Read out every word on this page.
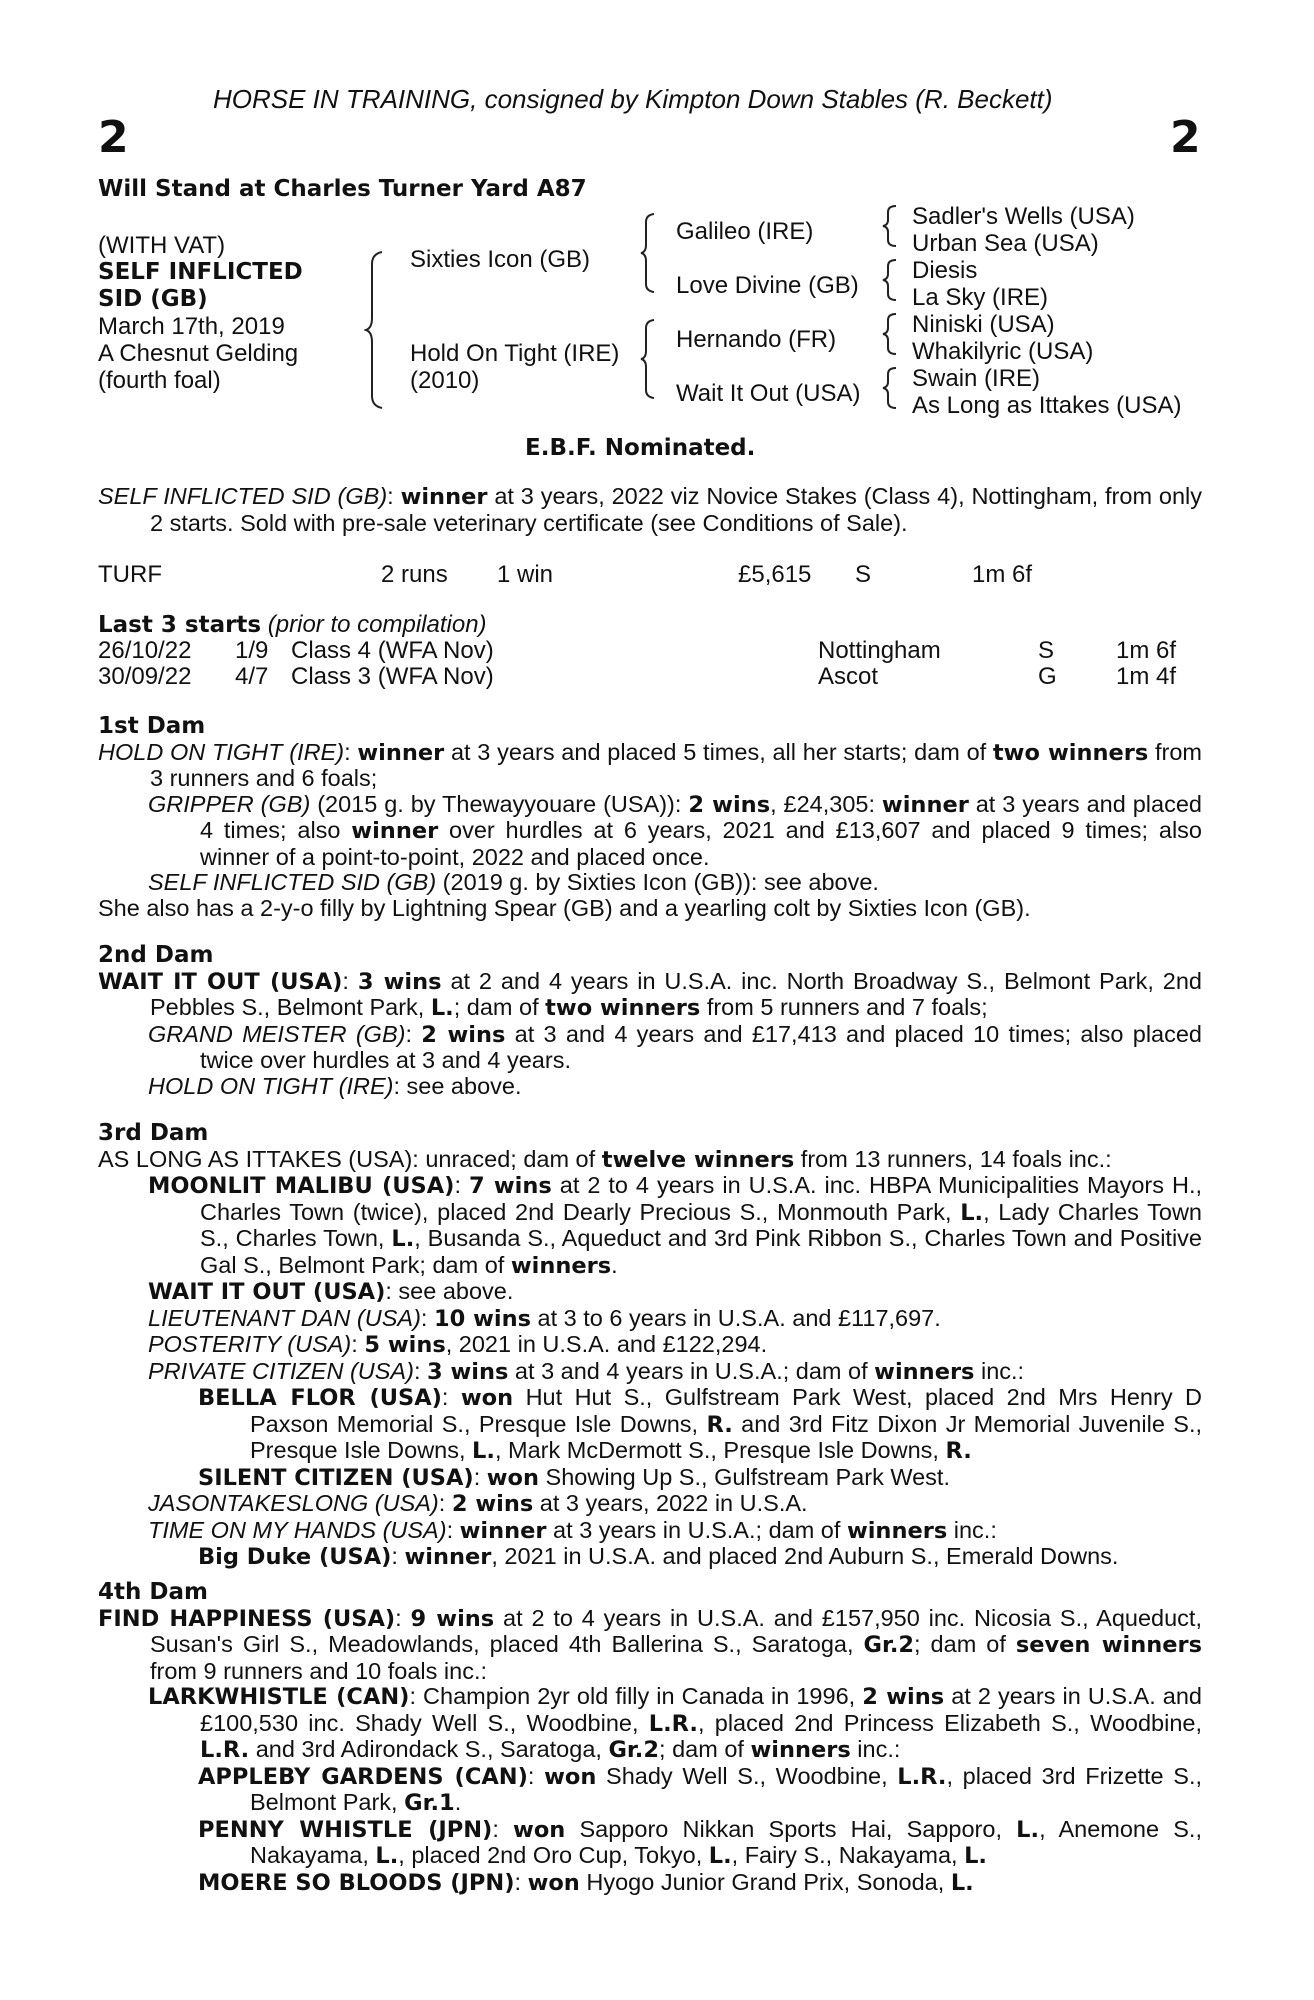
HORSE IN TRAINING, consigned by Kimpton Down Stables (R. Beckett)
2	2
Will Stand at Charles Turner Yard A87
(WITH VAT)
SELF INFLICTED
SID (GB)
March 17th, 2019
A Chesnut Gelding
(fourth foal)
Sixties Icon (GB)
Hold On Tight (IRE)
(2010)
Galileo (IRE)
Love Divine (GB)
Hernando (FR)
Wait It Out (USA)
Sadler's Wells (USA)
Urban Sea (USA)
Diesis
La Sky (IRE)
Niniski (USA)
Whakilyric (USA)
Swain (IRE)
As Long as Ittakes (USA)
E.B.F. Nominated.

SELF INFLICTED SID (GB): winner at 3 years, 2022 viz Novice Stakes (Class 4), Nottingham, from only 2 starts. Sold with pre-sale veterinary certificate (see Conditions of Sale).

TURF	2 runs 1 win	£5,615 S	1m 6f
Last 3 starts (prior to compilation)
26/10/22 1/9 Class 4 (WFA Nov)	Nottingham	S	1m 6f
30/09/22 4/7 Class 3 (WFA Nov)	Ascot	G 1m 4f

1st Dam

HOLD ON TIGHT (IRE): winner at 3 years and placed 5 times, all her starts; dam of two winners from 3 runners and 6 foals;

GRIPPER (GB) (2015 g. by Thewayyouare (USA)): 2 wins, £24,305: winner at 3 years and placed 4 times; also winner over hurdles at 6 years, 2021 and £13,607 and placed 9 times; also winner of a point-to-point, 2022 and placed once.

SELF INFLICTED SID (GB) (2019 g. by Sixties Icon (GB)): see above.

She also has a 2-y-o filly by Lightning Spear (GB) and a yearling colt by Sixties Icon (GB).

2nd Dam

WAIT IT OUT (USA): 3 wins at 2 and 4 years in U.S.A. inc. North Broadway S., Belmont Park, 2nd Pebbles S., Belmont Park, L.; dam of two winners from 5 runners and 7 foals;

GRAND MEISTER (GB): 2 wins at 3 and 4 years and £17,413 and placed 10 times; also placed twice over hurdles at 3 and 4 years.

HOLD ON TIGHT (IRE): see above.

3rd Dam

AS LONG AS ITTAKES (USA): unraced; dam of twelve winners from 13 runners, 14 foals inc.:

MOONLIT MALIBU (USA): 7 wins at 2 to 4 years in U.S.A. inc. HBPA Municipalities Mayors H., Charles Town (twice), placed 2nd Dearly Precious S., Monmouth Park, L., Lady Charles Town S., Charles Town, L., Busanda S., Aqueduct and 3rd Pink Ribbon S., Charles Town and Positive Gal S., Belmont Park; dam of winners.

WAIT IT OUT (USA): see above.

LIEUTENANT DAN (USA): 10 wins at 3 to 6 years in U.S.A. and £117,697.

POSTERITY (USA): 5 wins, 2021 in U.S.A. and £122,294.

PRIVATE CITIZEN (USA): 3 wins at 3 and 4 years in U.S.A.; dam of winners inc.:

BELLA FLOR (USA): won Hut Hut S., Gulfstream Park West, placed 2nd Mrs Henry D Paxson Memorial S., Presque Isle Downs, R. and 3rd Fitz Dixon Jr Memorial Juvenile S., Presque Isle Downs, L., Mark McDermott S., Presque Isle Downs, R.

SILENT CITIZEN (USA): won Showing Up S., Gulfstream Park West.

JASONTAKESLONG (USA): 2 wins at 3 years, 2022 in U.S.A.

TIME ON MY HANDS (USA): winner at 3 years in U.S.A.; dam of winners inc.:

Big Duke (USA): winner, 2021 in U.S.A. and placed 2nd Auburn S., Emerald Downs.

4th Dam

FIND HAPPINESS (USA): 9 wins at 2 to 4 years in U.S.A. and £157,950 inc. Nicosia S., Aqueduct, Susan's Girl S., Meadowlands, placed 4th Ballerina S., Saratoga, Gr.2; dam of seven winners from 9 runners and 10 foals inc.:

LARKWHISTLE (CAN): Champion 2yr old filly in Canada in 1996, 2 wins at 2 years in U.S.A. and £100,530 inc. Shady Well S., Woodbine, L.R., placed 2nd Princess Elizabeth S., Woodbine, L.R. and 3rd Adirondack S., Saratoga, Gr.2; dam of winners inc.:

APPLEBY GARDENS (CAN): won Shady Well S., Woodbine, L.R., placed 3rd Frizette S., Belmont Park, Gr.1.

PENNY WHISTLE (JPN): won Sapporo Nikkan Sports Hai, Sapporo, L., Anemone S., Nakayama, L., placed 2nd Oro Cup, Tokyo, L., Fairy S., Nakayama, L.

MOERE SO BLOODS (JPN): won Hyogo Junior Grand Prix, Sonoda, L.
